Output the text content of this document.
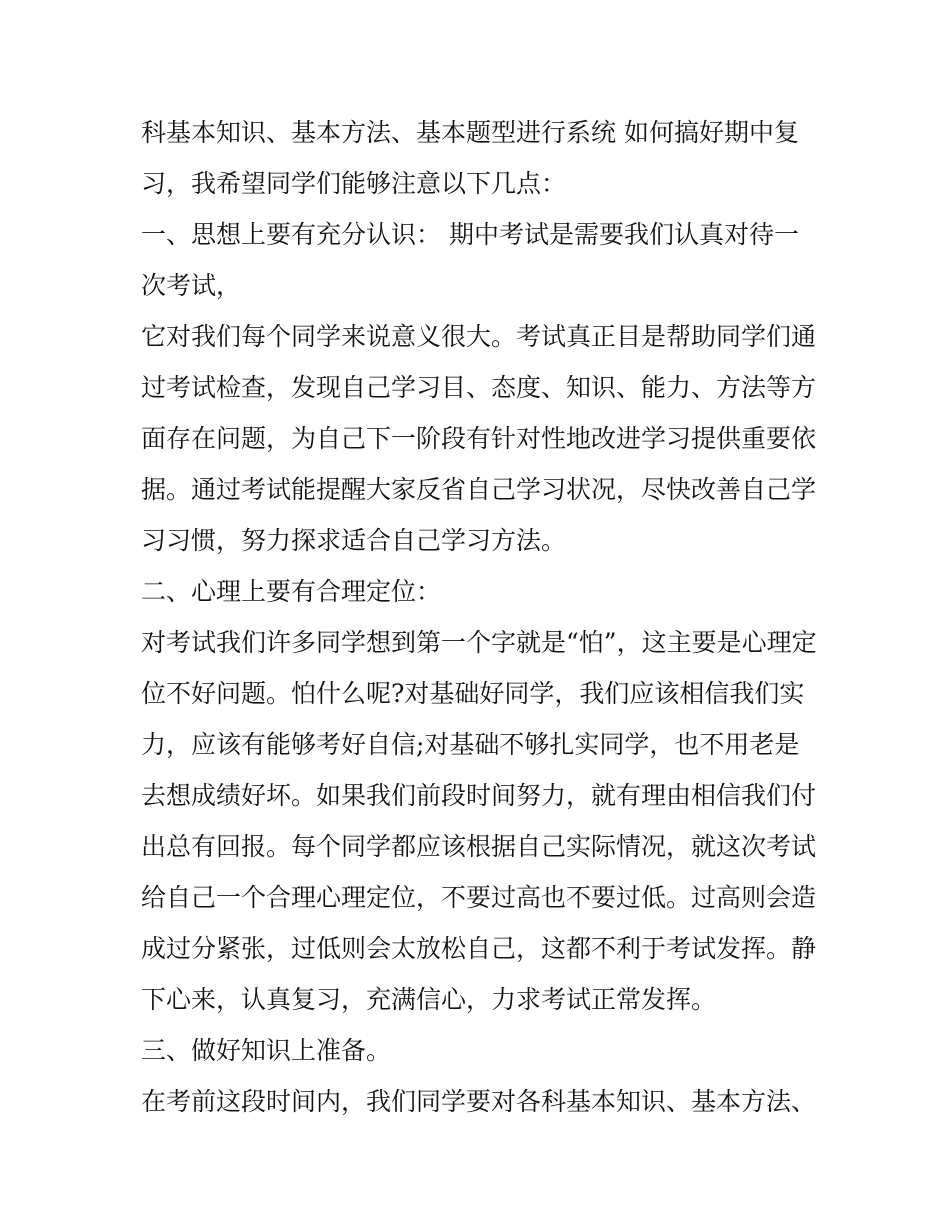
科基本知识、基本方法、基本题型进行系统 如何搞好期中复
习，我希望同学们能够注意以下几点：
一、思想上要有充分认识： 期中考试是需要我们认真对待一
次考试，
它对我们每个同学来说意义很大。考试真正目是帮助同学们通
过考试检查，发现自己学习目、态度、知识、能力、方法等方
面存在问题，为自己下一阶段有针对性地改进学习提供重要依
据。通过考试能提醒大家反省自己学习状况，尽快改善自己学
习习惯，努力探求适合自己学习方法。
二、心理上要有合理定位：
对考试我们许多同学想到第一个字就是“怕”，这主要是心理定
位不好问题。怕什么呢?对基础好同学，我们应该相信我们实
力，应该有能够考好自信;对基础不够扎实同学，也不用老是
去想成绩好坏。如果我们前段时间努力，就有理由相信我们付
出总有回报。每个同学都应该根据自己实际情况，就这次考试
给自己一个合理心理定位，不要过高也不要过低。过高则会造
成过分紧张，过低则会太放松自己，这都不利于考试发挥。静
下心来，认真复习，充满信心，力求考试正常发挥。
三、做好知识上准备。
在考前这段时间内，我们同学要对各科基本知识、基本方法、
